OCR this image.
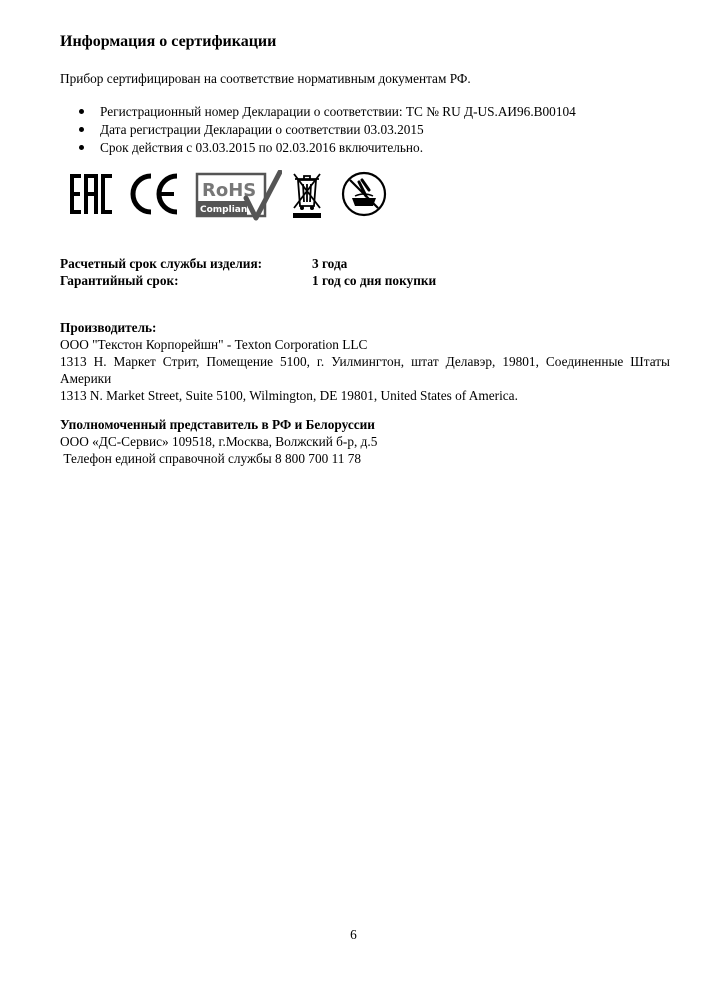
Информация о сертификации
Прибор сертифицирован на соответствие нормативным документам РФ.
Регистрационный номер Декларации о соответствии: ТС № RU Д-US.АИ96.В00104
Дата регистрации Декларации о соответствии 03.03.2015
Срок действия с 03.03.2015 по 02.03.2016 включительно.
RoHS
Compliant
Расчетный срок службы изделия:	3 года
Гарантийный срок:	1 год со дня покупки
Производитель:
ООО "Текстон Корпорейшн" - Texton Corporation LLC
1313 Н. Маркет Стрит, Помещение 5100, г. Уилмингтон, штат Делавэр, 19801, Соединенные Штаты Америки
1313 N. Market Street, Suite 5100, Wilmington, DE 19801, United States of America.
Уполномоченный представитель в РФ и Белоруссии
ООО «ДС-Сервис» 109518, г.Москва, Волжский б-р, д.5
Телефон единой справочной службы 8 800 700 11 78
6
